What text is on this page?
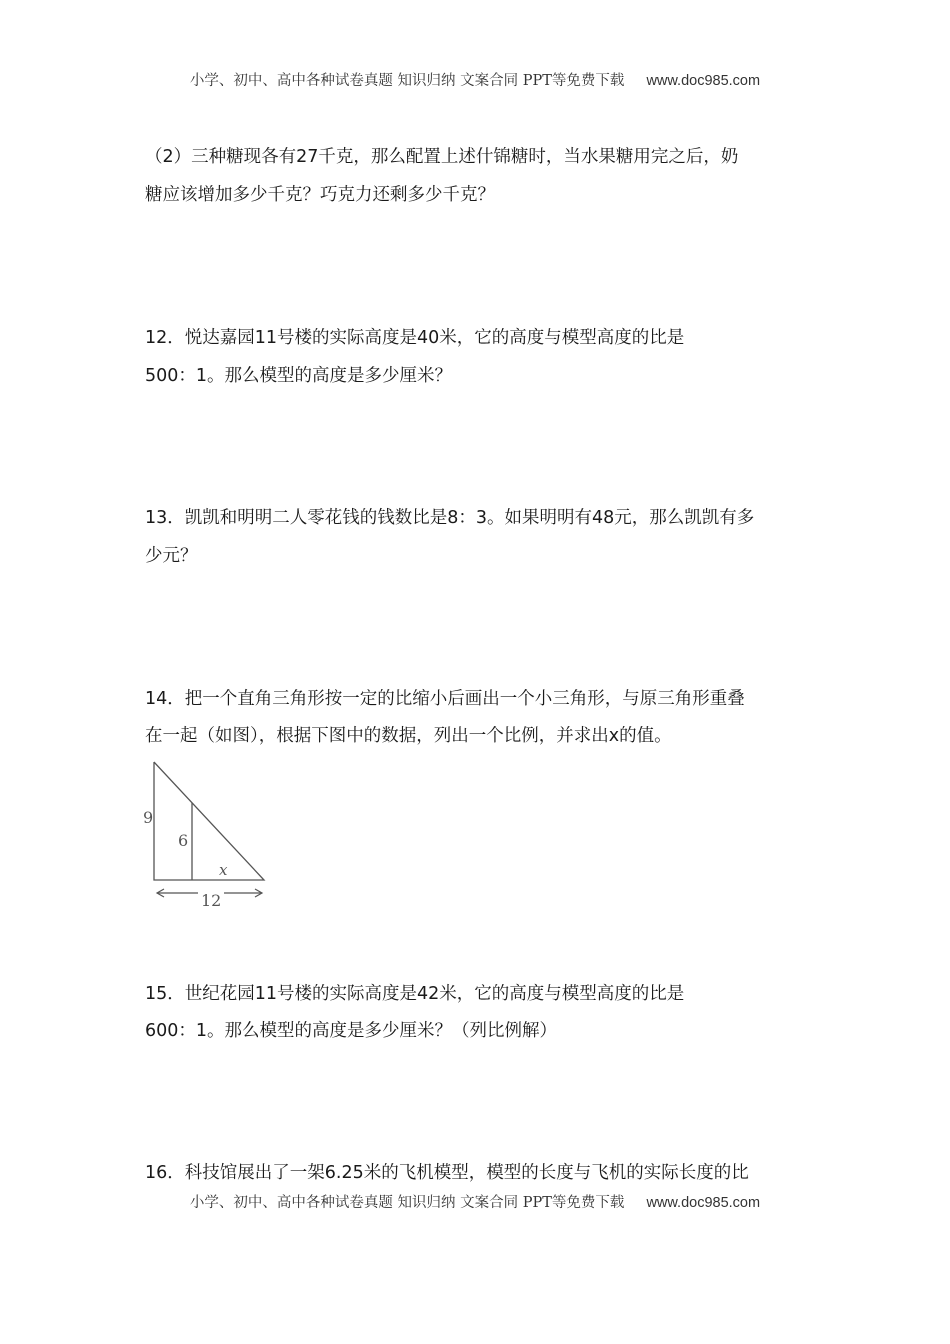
小学、初中、高中各种试卷真题 知识归纳 文案合同 PPT等免费下载 www.doc985.com
（2）三种糖现各有27千克，那么配置上述什锦糖时，当水果糖用完之后，奶
糖应该增加多少千克？巧克力还剩多少千克？
12．悦达嘉园11号楼的实际高度是40米，它的高度与模型高度的比是
500：1。那么模型的高度是多少厘米？
13．凯凯和明明二人零花钱的钱数比是8：3。如果明明有48元，那么凯凯有多
少元？
14．把一个直角三角形按一定的比缩小后画出一个小三角形，与原三角形重叠
在一起（如图），根据下图中的数据，列出一个比例，并求出x的值。
9
6
x
12
15．世纪花园11号楼的实际高度是42米，它的高度与模型高度的比是
600：1。那么模型的高度是多少厘米？（列比例解）
16．科技馆展出了一架6.25米的飞机模型，模型的长度与飞机的实际长度的比
小学、初中、高中各种试卷真题 知识归纳 文案合同 PPT等免费下载 www.doc985.com
